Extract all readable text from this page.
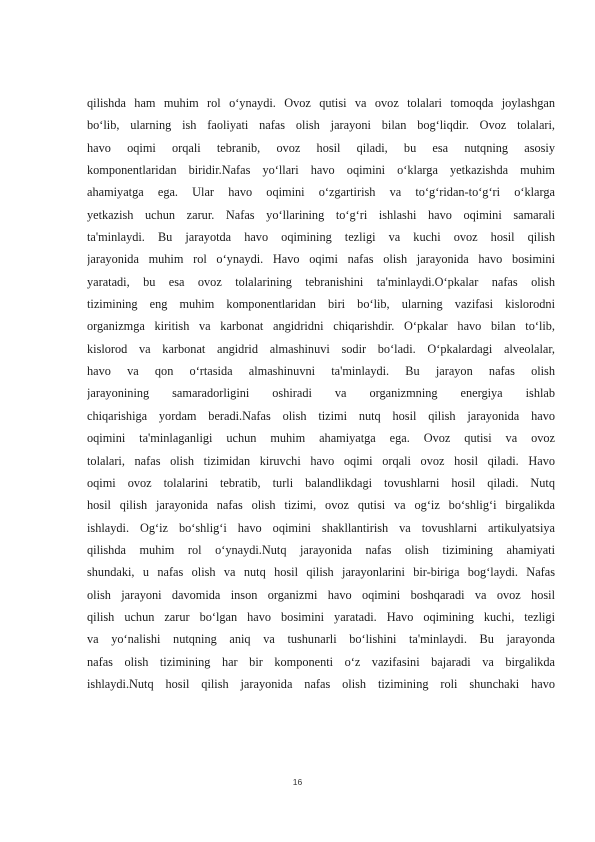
qilishda ham muhim rol o‘ynaydi. Ovoz qutisi va ovoz tolalari tomoqda joylashgan
bo‘lib, ularning ish faoliyati nafas olish jarayoni bilan bog‘liqdir. Ovoz tolalari,
havo oqimi orqali tebranib, ovoz hosil qiladi, bu esa nutqning asosiy
komponentlaridan biridir.Nafas yo‘llari havo oqimini o‘klarga yetkazishda muhim
ahamiyatga ega. Ular havo oqimini o‘zgartirish va to‘g‘ridan-to‘g‘ri o‘klarga
yetkazish uchun zarur. Nafas yo‘llarining to‘g‘ri ishlashi havo oqimini samarali
ta'minlaydi. Bu jarayotda havo oqimining tezligi va kuchi ovoz hosil qilish
jarayonida muhim rol o‘ynaydi. Havo oqimi nafas olish jarayonida havo bosimini
yaratadi, bu esa ovoz tolalarining tebranishini ta'minlaydi.O‘pkalar nafas olish
tizimining eng muhim komponentlaridan biri bo‘lib, ularning vazifasi kislorodni
organizmga kiritish va karbonat angidridni chiqarishdir. O‘pkalar havo bilan to‘lib,
kislorod va karbonat angidrid almashinuvi sodir bo‘ladi. O‘pkalardagi alveolalar,
havo va qon o‘rtasida almashinuvni ta'minlaydi. Bu jarayon nafas olish
jarayonining samaradorligini oshiradi va organizmning energiya ishlab
chiqarishiga yordam beradi.Nafas olish tizimi nutq hosil qilish jarayonida havo
oqimini ta'minlaganligi uchun muhim ahamiyatga ega. Ovoz qutisi va ovoz
tolalari, nafas olish tizimidan kiruvchi havo oqimi orqali ovoz hosil qiladi. Havo
oqimi ovoz tolalarini tebratib, turli balandlikdagi tovushlarni hosil qiladi. Nutq
hosil qilish jarayonida nafas olish tizimi, ovoz qutisi va og‘iz bo‘shlig‘i birgalikda
ishlaydi. Og‘iz bo‘shlig‘i havo oqimini shakllantirish va tovushlarni artikulyatsiya
qilishda muhim rol o‘ynaydi.Nutq jarayonida nafas olish tizimining ahamiyati
shundaki, u nafas olish va nutq hosil qilish jarayonlarini bir-biriga bog‘laydi. Nafas
olish jarayoni davomida inson organizmi havo oqimini boshqaradi va ovoz hosil
qilish uchun zarur bo‘lgan havo bosimini yaratadi. Havo oqimining kuchi, tezligi
va yo‘nalishi nutqning aniq va tushunarli bo‘lishini ta'minlaydi. Bu jarayonda
nafas olish tizimining har bir komponenti o‘z vazifasini bajaradi va birgalikda
ishlaydi.Nutq hosil qilish jarayonida nafas olish tizimining roli shunchaki havo
16
